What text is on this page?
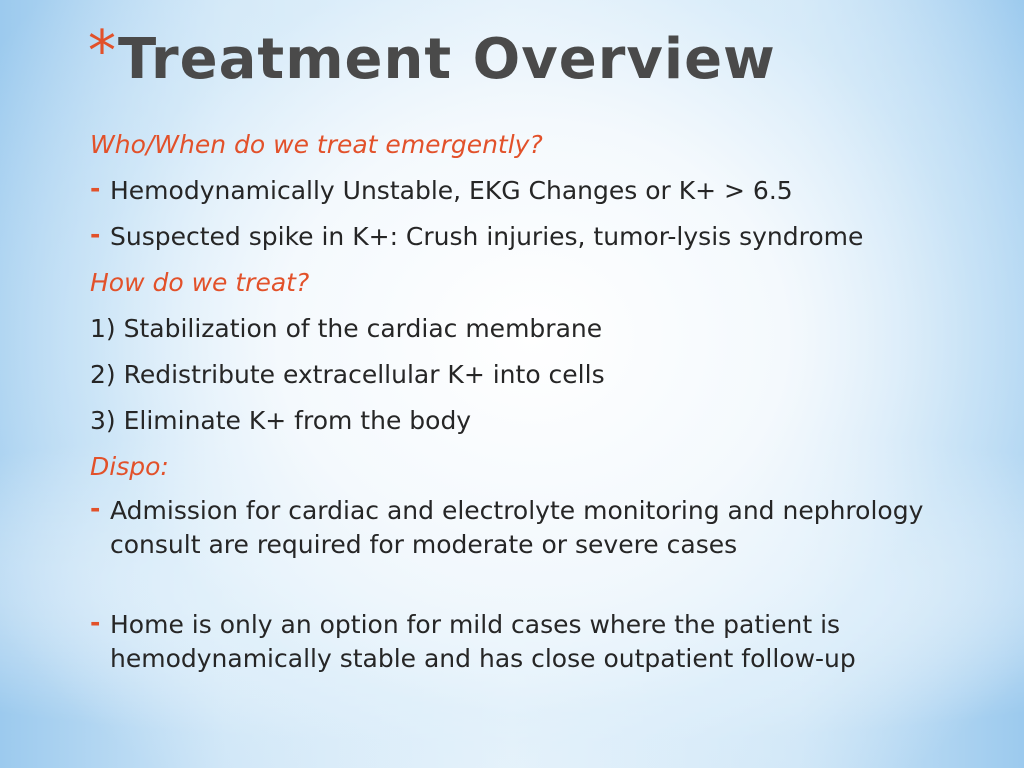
* Treatment Overview
Who/When do we treat emergently?
- Hemodynamically Unstable, EKG Changes or K+ > 6.5
- Suspected spike in K+: Crush injuries, tumor-lysis syndrome
How do we treat?
1) Stabilization of the cardiac membrane
2) Redistribute extracellular K+ into cells
3) Eliminate K+ from the body
Dispo:
- Admission for cardiac and electrolyte monitoring and nephrology consult are required for moderate or severe cases
- Home is only an option for mild cases where the patient is hemodynamically stable and has close outpatient follow-up
